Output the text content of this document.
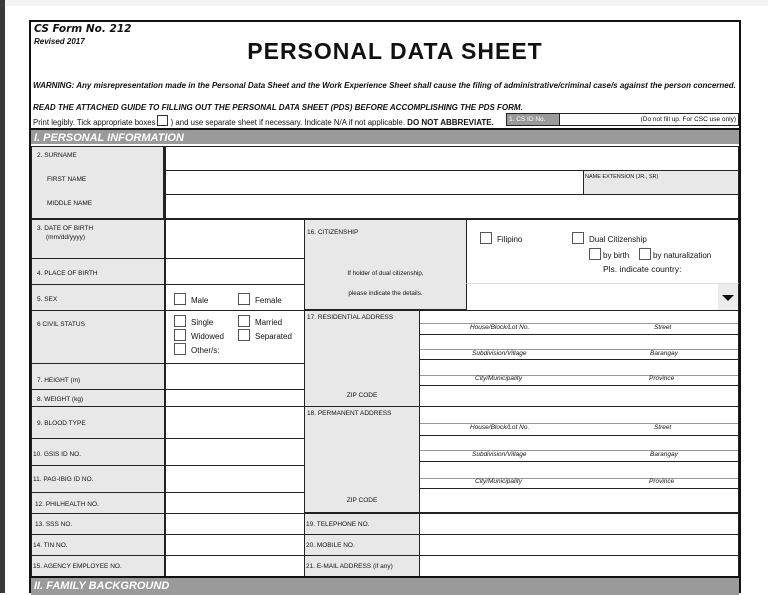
CS Form No. 212
Revised 2017	PERSONAL DATA SHEET
WARNING: Any misrepresentation made in the Personal Data Sheet and the Work Experience Sheet shall cause the filing of administrative/criminal case/s against the person concerned.
READ THE ATTACHED GUIDE TO FILLING OUT THE PERSONAL DATA SHEET (PDS) BEFORE ACCOMPLISHING THE PDS FORM.
Print legibly. Tick appropriate boxes ) and use separate sheet if necessary. Indicate N/A if not applicable. DO NOT ABBREVIATE.	1. CS ID No.	(Do not fill up. For CSC use only)
I. PERSONAL INFORMATION
2. SURNAME
FIRST NAME
MIDDLE NAME
NAME EXTENSION (JR., SR)
3. DATE OF BIRTH
(mm/dd/yyyy)
16. CITIZENSHIP
If holder of dual citizenship,
please indicate the details.
Filipino	Dual Citizenship
by birth	by naturalization
Pls. indicate country:
4. PLACE OF BIRTH
5. SEX	Male	Female
6 CIVIL STATUS	Single	Married
Widowed	Separated
Other/s:
17. RESIDENTIAL ADDRESS
ZIP CODE
House/Block/Lot No.	Street
Subdivision/Village	Barangay
City/Municipality	Province
7. HEIGHT (m)
8. WEIGHT (kg)
9. BLOOD TYPE
18. PERMANENT ADDRESS
ZIP CODE
House/Block/Lot No.	Street
Subdivision/Village	Barangay
City/Municipality	Province
10. GSIS ID NO.
11. PAG-IBIG ID NO.
12. PHILHEALTH NO.
13. SSS NO.	19. TELEPHONE NO.
14. TIN NO.	20. MOBILE NO.
15. AGENCY EMPLOYEE NO.	21. E-MAIL ADDRESS (if any)
II. FAMILY BACKGROUND
